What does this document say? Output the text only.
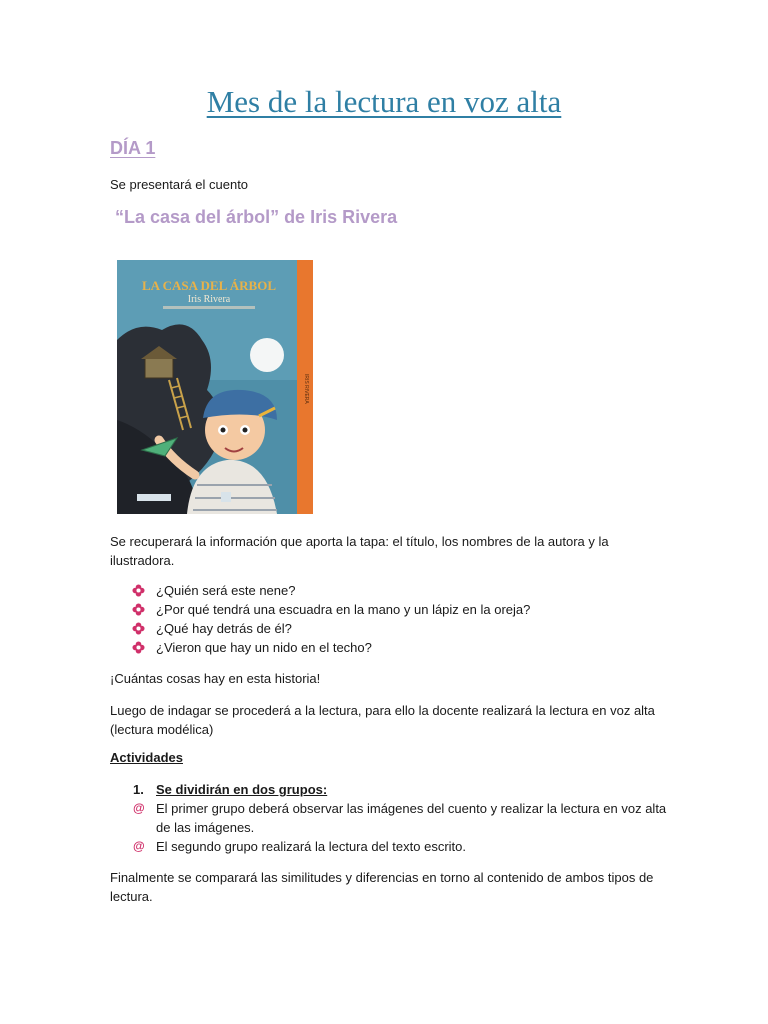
Mes de la lectura en voz alta
DÍA 1

Se presentará el cuento

“La casa del árbol” de Iris Rivera
IRIS RIVERA
LA CASA DEL ÁRBOL
Iris Rivera

Se recuperará la información que aporta la tapa: el título, los nombres de la autora y la ilustradora.

¿Quién será este nene?
¿Por qué tendrá una escuadra en la mano y un lápiz en la oreja?
¿Qué hay detrás de él?
¿Vieron que hay un nido en el techo?

¡Cuántas cosas hay en esta historia!

Luego de indagar se procederá a la lectura, para ello la docente realizará la lectura en voz alta (lectura modélica)

Actividades

1. Se dividirán en dos grupos:

@ El primer grupo deberá observar las imágenes del cuento y realizar la lectura en voz alta de las imágenes.
@ El segundo grupo realizará la lectura del texto escrito.

Finalmente se comparará las similitudes y diferencias en torno al contenido de ambos tipos de lectura.
